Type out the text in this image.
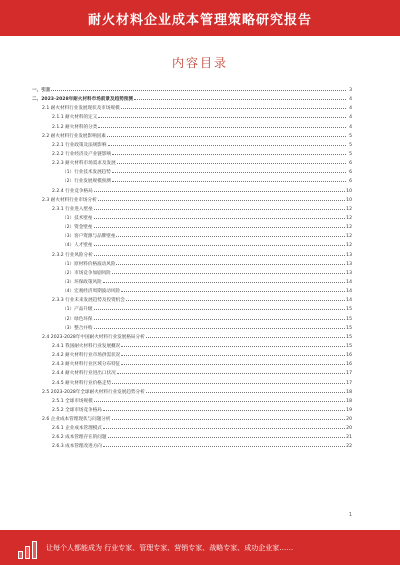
耐火材料企业成本管理策略研究报告
内容目录
一、引言	3
二、2023-2028年耐火材料市场前景及趋势预测	4
2.1 耐火材料行业发展现状及市场规模	4
2.1.1 耐火材料的定义	4
2.1.2 耐火材料的分类	4
2.2 耐火材料行业发展影响因素	5
2.2.1 行业政策及法规影响	5
2.2.2 行业经济及产业链影响	5
2.2.3 耐火材料市场需求及发展	6
（1）行业技术发展趋势	6
（2）行业发展规模预测	6
2.2.4 行业竞争格局	10
2.3 耐火材料行业市场分析	10
2.3.1 行业进入壁垒	12
（1）技术壁垒	12
（2）资金壁垒	12
（3）客户资源与品牌壁垒	12
（4）人才壁垒	12
2.3.2 行业风险分析	13
（1）原材料价格波动风险	13
（2）市场竞争加剧风险	13
（3）环保政策风险	14
（4）宏观经济周期波动风险	14
2.3.3 行业未来发展趋势及投资机会	14
（1）产品升级	15
（2）绿色环保	15
（3）整合并购	15
2.4 2023-2028年中国耐火材料行业发展格局分析	15
2.4.1 我国耐火材料行业发展概况	15
2.4.2 耐火材料行业市场供需状况	16
2.4.3 耐火材料行业区域分布特征	16
2.4.4 耐火材料行业进出口状况	17
2.4.5 耐火材料行业价格走势	17
2.5 2023-2028年全球耐火材料行业发展趋势分析	18
2.5.1 全球市场规模	18
2.5.2 全球市场竞争格局	19
2.6 企业成本管理现状与问题分析	20
2.6.1 企业成本管理模式	20
2.6.2 成本管理存在的问题	21
2.6.3 成本管理改进方向	22
1
让每个人都能成为 行业专家、管理专家、营销专家、战略专家、成功企业家……
